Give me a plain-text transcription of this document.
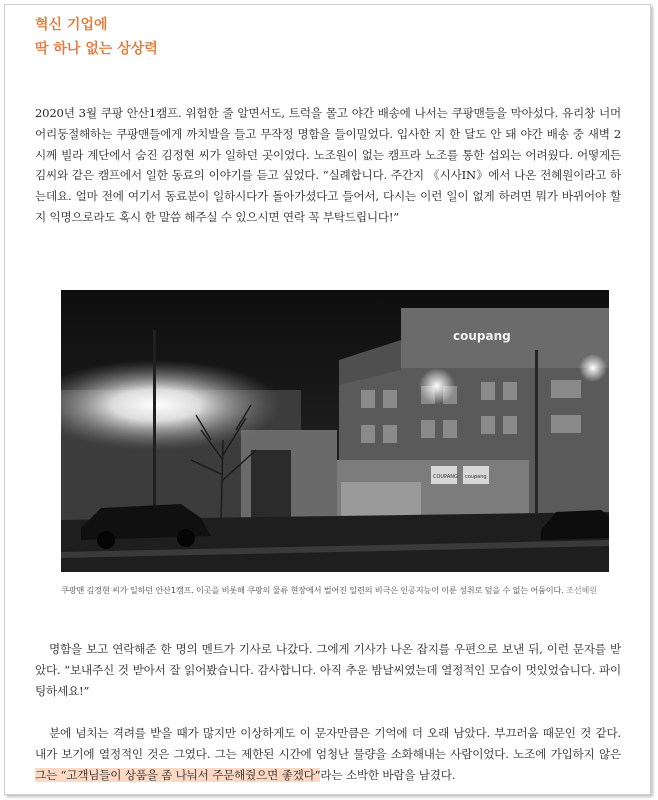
혁신 기업에
딱 하나 없는 상상력

2020년 3월 쿠팡 안산1캠프. 위험한 줄 알면서도, 트럭을 몰고 야간 배송에 나서는 쿠팡맨들을 막아섰다. 유리창 너머 어리둥절해하는 쿠팡맨들에게 까치발을 들고 무작정 명함을 들이밀었다. 입사한 지 한 달도 안 돼 야간 배송 중 새벽 2시께 빌라 계단에서 숨진 김정현 씨가 일하던 곳이었다. 노조원이 없는 캠프라 노조를 통한 섭외는 어려웠다. 어떻게든 김씨와 같은 캠프에서 일한 동료의 이야기를 듣고 싶었다. “실례합니다. 주간지 《시사IN》에서 나온 전혜원이라고 하는데요. 얼마 전에 여기서 동료분이 일하시다가 돌아가셨다고 들어서, 다시는 이런 일이 없게 하려면 뭐가 바뀌어야 할지 익명으로라도 혹시 한 말씀 해주실 수 있으시면 연락 꼭 부탁드립니다!”

coupang
COUPANG coupang
쿠팡맨 김정현 씨가 일하던 안산1캠프. 이곳을 비롯해 쿠팡의 물류 현장에서 벌어진 일련의 비극은 인공지능이 이룬 성취로 덮을 수 없는 어둠이다. 조선혜원

명함을 보고 연락해준 한 명의 멘트가 기사로 나갔다. 그에게 기사가 나온 잡지를 우편으로 보낸 뒤, 이런 문자를 받았다. “보내주신 것 받아서 잘 읽어봤습니다. 감사합니다. 아직 추운 밤날씨였는데 열정적인 모습이 멋있었습니다. 파이팅하세요!”

분에 넘치는 격려를 받을 때가 많지만 이상하게도 이 문자만큼은 기억에 더 오래 남았다. 부끄러움 때문인 것 같다. 내가 보기에 열정적인 것은 그였다. 그는 제한된 시간에 엄청난 물량을 소화해내는 사람이었다. 노조에 가입하지 않은 그는 “고객님들이 상품을 좀 나눠서 주문해줬으면 좋겠다”라는 소박한 바람을 남겼다.
